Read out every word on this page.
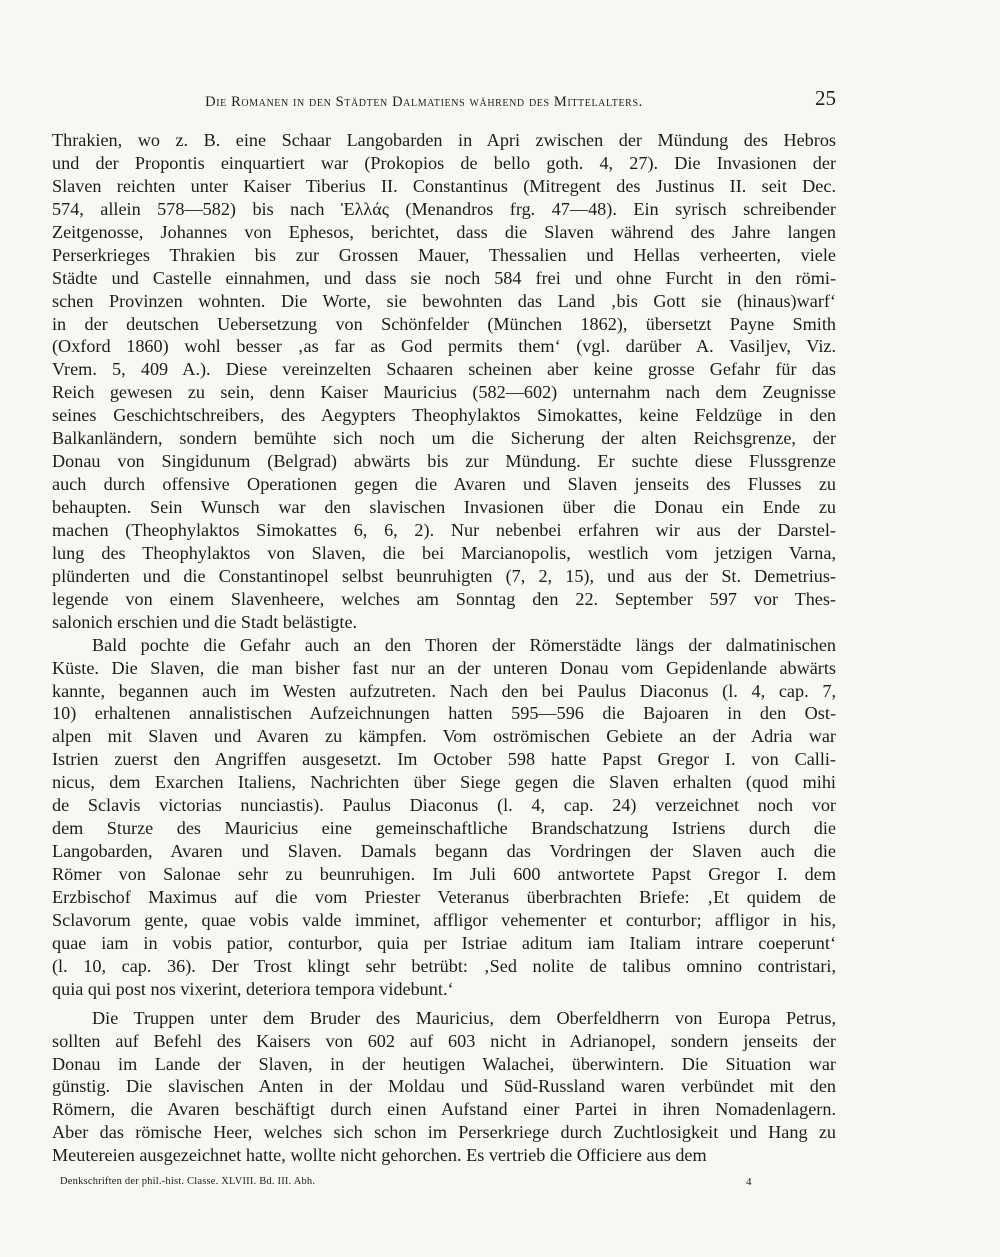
Die Romanen in den Städten Dalmatiens während des Mittelalters.	25
Thrakien, wo z. B. eine Schaar Langobarden in Apri zwischen der Mündung des Hebros
und der Propontis einquartiert war (Prokopios de bello goth. 4, 27). Die Invasionen der
Slaven reichten unter Kaiser Tiberius II. Constantinus (Mitregent des Justinus II. seit Dec.
574, allein 578—582) bis nach Ἑλλάς (Menandros frg. 47—48). Ein syrisch schreibender
Zeitgenosse, Johannes von Ephesos, berichtet, dass die Slaven während des Jahre langen
Perserkrieges Thrakien bis zur Grossen Mauer, Thessalien und Hellas verheerten, viele
Städte und Castelle einnahmen, und dass sie noch 584 frei und ohne Furcht in den römi-
schen Provinzen wohnten. Die Worte, sie bewohnten das Land ‚bis Gott sie (hinaus)warf‘
in der deutschen Uebersetzung von Schönfelder (München 1862), übersetzt Payne Smith
(Oxford 1860) wohl besser ‚as far as God permits them‘ (vgl. darüber A. Vasiljev, Viz.
Vrem. 5, 409 A.). Diese vereinzelten Schaaren scheinen aber keine grosse Gefahr für das
Reich gewesen zu sein, denn Kaiser Mauricius (582—602) unternahm nach dem Zeugnisse
seines Geschichtschreibers, des Aegypters Theophylaktos Simokattes, keine Feldzüge in den
Balkanländern, sondern bemühte sich noch um die Sicherung der alten Reichsgrenze, der
Donau von Singidunum (Belgrad) abwärts bis zur Mündung. Er suchte diese Flussgrenze
auch durch offensive Operationen gegen die Avaren und Slaven jenseits des Flusses zu
behaupten. Sein Wunsch war den slavischen Invasionen über die Donau ein Ende zu
machen (Theophylaktos Simokattes 6, 6, 2). Nur nebenbei erfahren wir aus der Darstel-
lung des Theophylaktos von Slaven, die bei Marcianopolis, westlich vom jetzigen Varna,
plünderten und die Constantinopel selbst beunruhigten (7, 2, 15), und aus der St. Demetrius-
legende von einem Slavenheere, welches am Sonntag den 22. September 597 vor Thes-
salonich erschien und die Stadt belästigte.
Bald pochte die Gefahr auch an den Thoren der Römerstädte längs der dalmatinischen
Küste. Die Slaven, die man bisher fast nur an der unteren Donau vom Gepidenlande abwärts
kannte, begannen auch im Westen aufzutreten. Nach den bei Paulus Diaconus (l. 4, cap. 7,
10) erhaltenen annalistischen Aufzeichnungen hatten 595—596 die Bajoaren in den Ost-
alpen mit Slaven und Avaren zu kämpfen. Vom oströmischen Gebiete an der Adria war
Istrien zuerst den Angriffen ausgesetzt. Im October 598 hatte Papst Gregor I. von Calli-
nicus, dem Exarchen Italiens, Nachrichten über Siege gegen die Slaven erhalten (quod mihi
de Sclavis victorias nunciastis). Paulus Diaconus (l. 4, cap. 24) verzeichnet noch vor
dem Sturze des Mauricius eine gemeinschaftliche Brandschatzung Istriens durch die
Langobarden, Avaren und Slaven. Damals begann das Vordringen der Slaven auch die
Römer von Salonae sehr zu beunruhigen. Im Juli 600 antwortete Papst Gregor I. dem
Erzbischof Maximus auf die vom Priester Veteranus überbrachten Briefe: ‚Et quidem de
Sclavorum gente, quae vobis valde imminet, affligor vehementer et conturbor; affligor in his,
quae iam in vobis patior, conturbor, quia per Istriae aditum iam Italiam intrare coeperunt‘
(l. 10, cap. 36). Der Trost klingt sehr betrübt: ‚Sed nolite de talibus omnino contristari,
quia qui post nos vixerint, deteriora tempora videbunt.‘
Die Truppen unter dem Bruder des Mauricius, dem Oberfeldherrn von Europa Petrus,
sollten auf Befehl des Kaisers von 602 auf 603 nicht in Adrianopel, sondern jenseits der
Donau im Lande der Slaven, in der heutigen Walachei, überwintern. Die Situation war
günstig. Die slavischen Anten in der Moldau und Süd-Russland waren verbündet mit den
Römern, die Avaren beschäftigt durch einen Aufstand einer Partei in ihren Nomadenlagern.
Aber das römische Heer, welches sich schon im Perserkriege durch Zuchtlosigkeit und Hang zu
Meutereien ausgezeichnet hatte, wollte nicht gehorchen. Es vertrieb die Officiere aus dem
Denkschriften der phil.-hist. Classe. XLVIII. Bd. III. Abh.	4
